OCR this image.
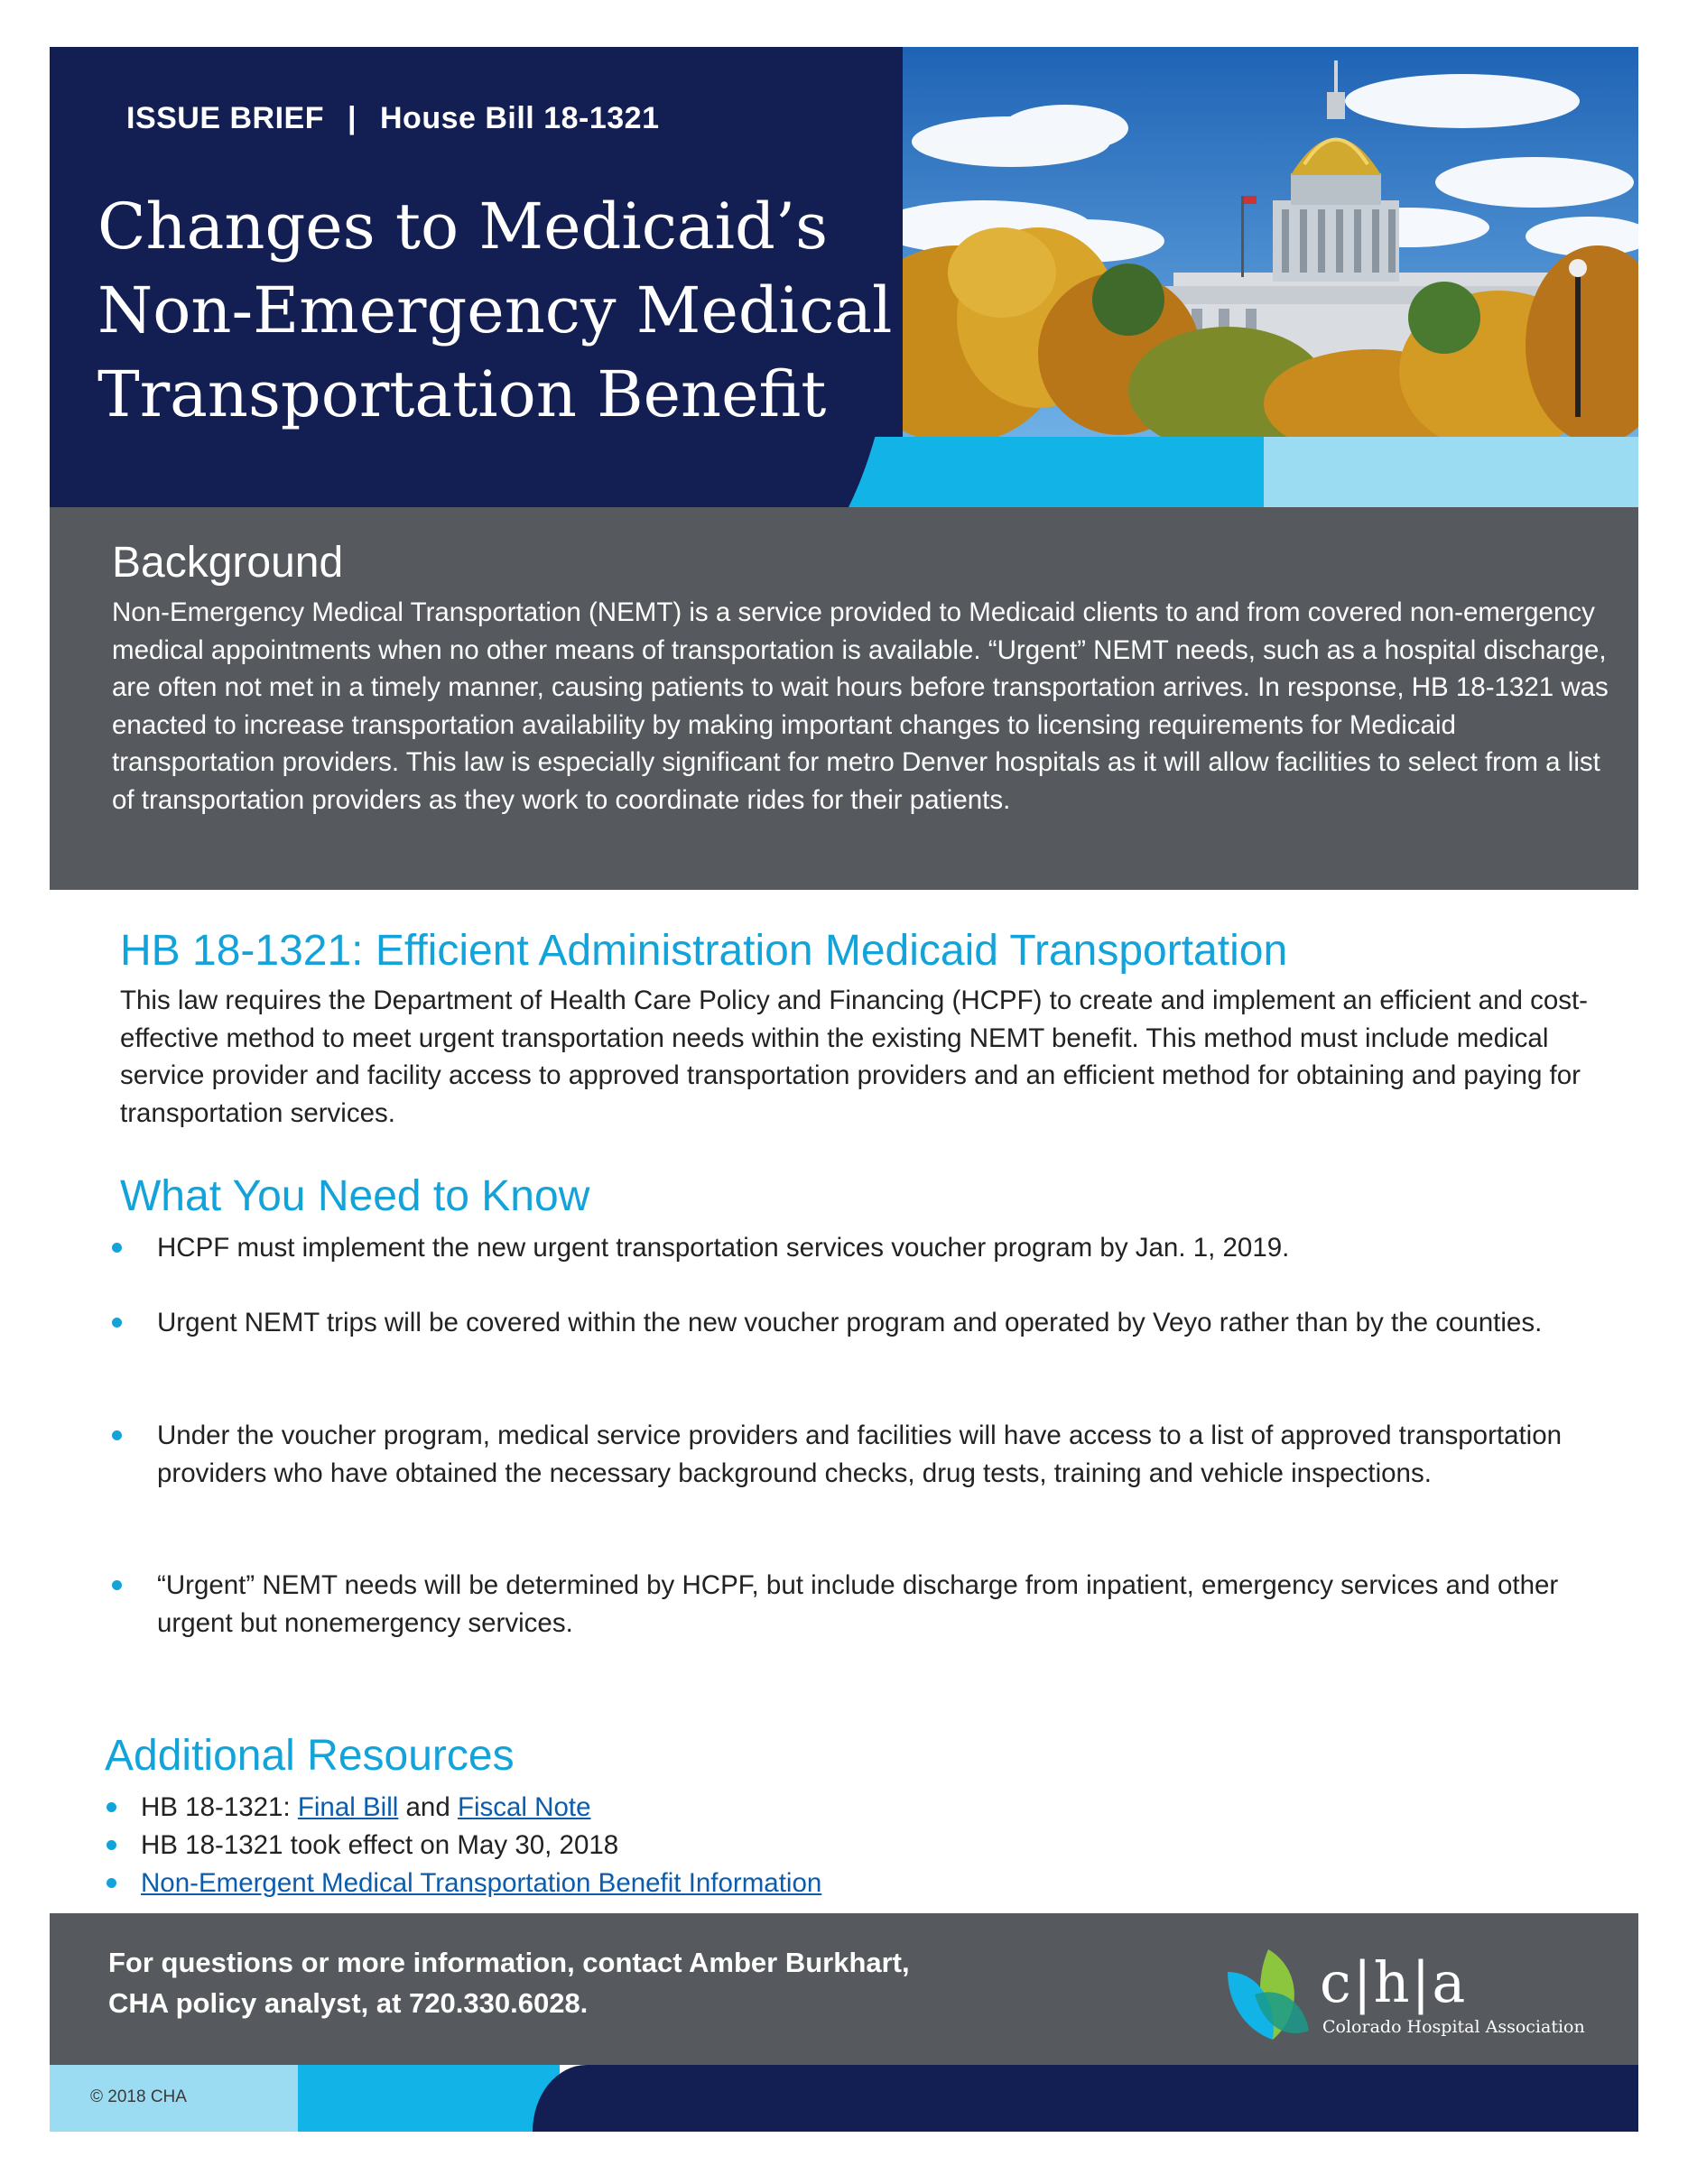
ISSUE BRIEF | House Bill 18-1321
Changes to Medicaid’s
Non-Emergency Medical
Transportation Benefit
Background
Non-Emergency Medical Transportation (NEMT) is a service provided to Medicaid clients to and from covered non-emergency medical appointments when no other means of transportation is available. “Urgent” NEMT needs, such as a hospital discharge, are often not met in a timely manner, causing patients to wait hours before transportation arrives. In response, HB 18-1321 was enacted to increase transportation availability by making important changes to licensing requirements for Medicaid transportation providers. This law is especially significant for metro Denver hospitals as it will allow facilities to select from a list of transportation providers as they work to coordinate rides for their patients.
HB 18-1321: Efficient Administration Medicaid Transportation
This law requires the Department of Health Care Policy and Financing (HCPF) to create and implement an efficient and cost-effective method to meet urgent transportation needs within the existing NEMT benefit. This method must include medical service provider and facility access to approved transportation providers and an efficient method for obtaining and paying for transportation services.
What You Need to Know
HCPF must implement the new urgent transportation services voucher program by Jan. 1, 2019.
Urgent NEMT trips will be covered within the new voucher program and operated by Veyo rather than by the counties.
Under the voucher program, medical service providers and facilities will have access to a list of approved transportation providers who have obtained the necessary background checks, drug tests, training and vehicle inspections.
“Urgent” NEMT needs will be determined by HCPF, but include discharge from inpatient, emergency services and other urgent but nonemergency services.
Additional Resources
HB 18-1321: Final Bill and Fiscal Note
HB 18-1321 took effect on May 30, 2018
Non-Emergent Medical Transportation Benefit Information
For questions or more information, contact Amber Burkhart,
CHA policy analyst, at 720.330.6028.	c|h|a
Colorado Hospital Association
© 2018 CHA
